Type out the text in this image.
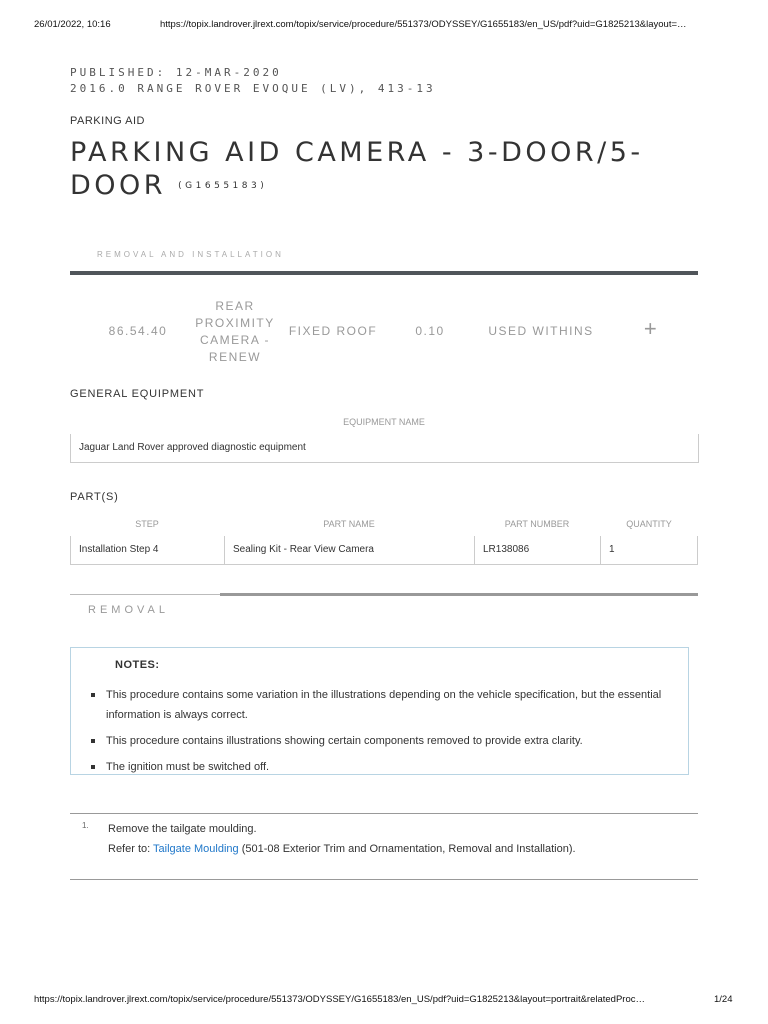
26/01/2022, 10:16	https://topix.landrover.jlrext.com/topix/service/procedure/551373/ODYSSEY/G1655183/en_US/pdf?uid=G1825213&layout=…
PUBLISHED: 12-MAR-2020
2016.0 RANGE ROVER EVOQUE (LV), 413-13
PARKING AID
PARKING AID CAMERA - 3-DOOR/5-DOOR (G1655183)
REMOVAL AND INSTALLATION
86.54.40
REAR PROXIMITY CAMERA - RENEW
FIXED ROOF	0.10	USED WITHINS	+
GENERAL EQUIPMENT
EQUIPMENT NAME
Jaguar Land Rover approved diagnostic equipment
PART(S)
STEP	PART NAME	PART NUMBER	QUANTITY
Installation Step 4	Sealing Kit - Rear View Camera	LR138086	1
REMOVAL
NOTES:
This procedure contains some variation in the illustrations depending on the vehicle specification, but the essential information is always correct.
This procedure contains illustrations showing certain components removed to provide extra clarity.
The ignition must be switched off.
1. Remove the tailgate moulding.
Refer to: Tailgate Moulding (501-08 Exterior Trim and Ornamentation, Removal and Installation).
https://topix.landrover.jlrext.com/topix/service/procedure/551373/ODYSSEY/G1655183/en_US/pdf?uid=G1825213&layout=portrait&relatedProc…	1/24
